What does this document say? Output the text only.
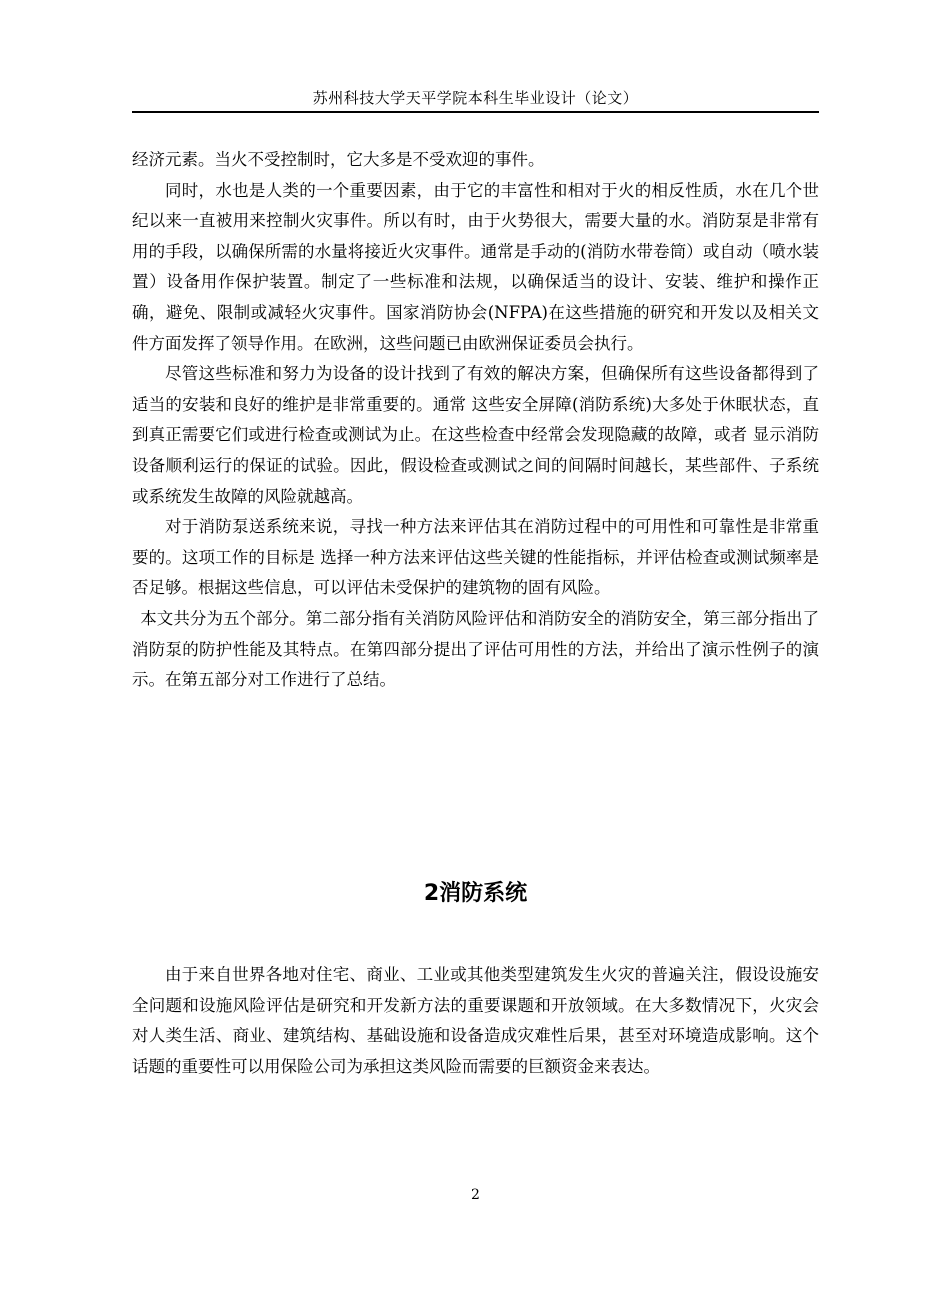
苏州科技大学天平学院本科生毕业设计（论文）

经济元素。当火不受控制时，它大多是不受欢迎的事件。

同时，水也是人类的一个重要因素，由于它的丰富性和相对于火的相反性质，水在几个世纪以来一直被用来控制火灾事件。所以有时，由于火势很大，需要大量的水。消防泵是非常有用的手段，以确保所需的水量将接近火灾事件。通常是手动的(消防水带卷筒）或自动（喷水装置）设备用作保护装置。制定了一些标准和法规，以确保适当的设计、安装、维护和操作正确，避免、限制或减轻火灾事件。国家消防协会(NFPA)在这些措施的研究和开发以及相关文件方面发挥了领导作用。在欧洲，这些问题已由欧洲保证委员会执行。

尽管这些标准和努力为设备的设计找到了有效的解决方案，但确保所有这些设备都得到了适当的安装和良好的维护是非常重要的。通常 这些安全屏障(消防系统)大多处于休眠状态，直到真正需要它们或进行检查或测试为止。在这些检查中经常会发现隐藏的故障，或者 显示消防设备顺利运行的保证的试验。因此，假设检查或测试之间的间隔时间越长，某些部件、子系统或系统发生故障的风险就越高。

对于消防泵送系统来说，寻找一种方法来评估其在消防过程中的可用性和可靠性是非常重要的。这项工作的目标是 选择一种方法来评估这些关键的性能指标，并评估检查或测试频率是否足够。根据这些信息，可以评估未受保护的建筑物的固有风险。

本文共分为五个部分。第二部分指有关消防风险评估和消防安全的消防安全，第三部分指出了消防泵的防护性能及其特点。在第四部分提出了评估可用性的方法，并给出了演示性例子的演示。在第五部分对工作进行了总结。

2消防系统

由于来自世界各地对住宅、商业、工业或其他类型建筑发生火灾的普遍关注，假设设施安全问题和设施风险评估是研究和开发新方法的重要课题和开放领域。在大多数情况下，火灾会对人类生活、商业、建筑结构、基础设施和设备造成灾难性后果，甚至对环境造成影响。这个话题的重要性可以用保险公司为承担这类风险而需要的巨额资金来表达。

2
